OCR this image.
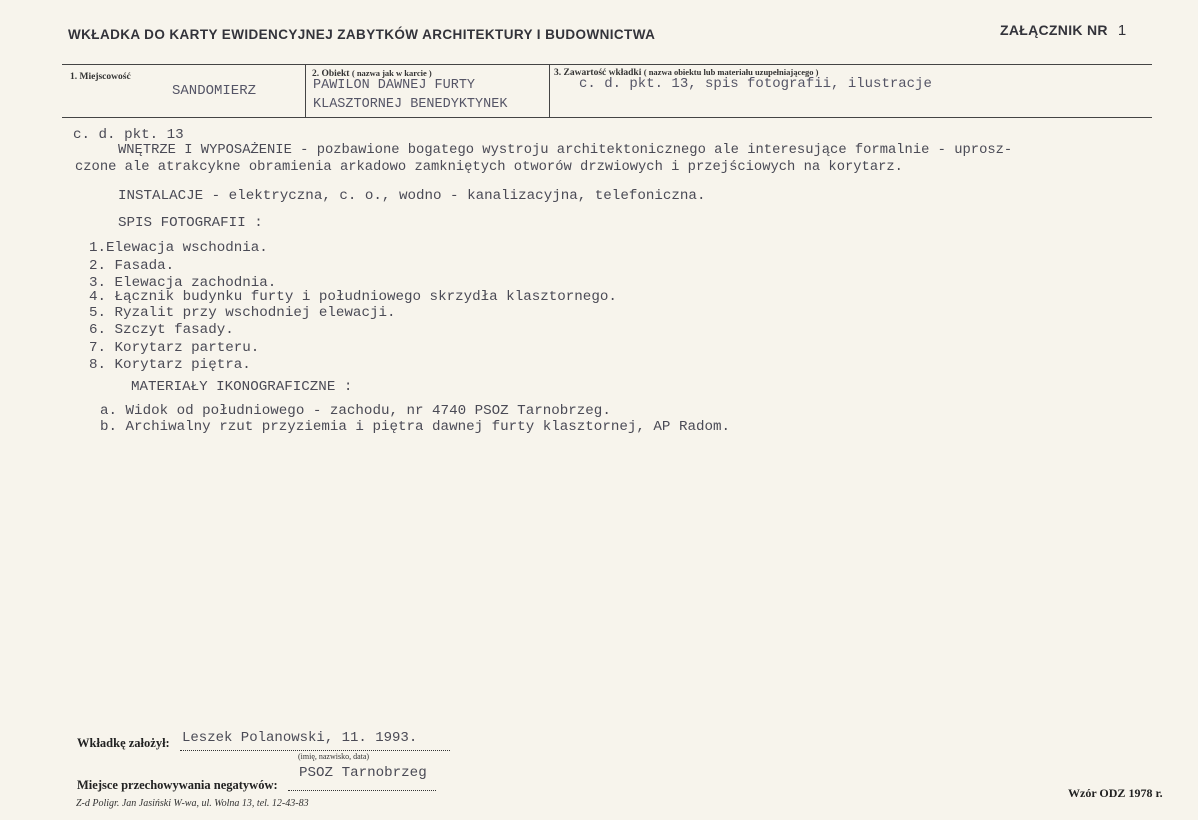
WKŁADKA DO KARTY EWIDENCYJNEJ ZABYTKÓW ARCHITEKTURY I BUDOWNICTWA	ZAŁĄCZNIK NR 1
1. Miejscowość
SANDOMIERZ
2. Obiekt ( nazwa jak w karcie )
PAWILON DAWNEJ FURTY
KLASZTORNEJ BENEDYKTYNEK
3. Zawartość wkładki ( nazwa obiektu lub materiału uzupełniającego )
c. d. pkt. 13, spis fotografii, ilustracje
c. d. pkt. 13
WNĘTRZE I WYPOSAŻENIE - pozbawione bogatego wystroju architektonicznego ale interesujące formalnie - uprosz-
czone ale atrakcykne obramienia arkadowo zamkniętych otworów drzwiowych i przejściowych na korytarz.
INSTALACJE - elektryczna, c. o., wodno - kanalizacyjna, telefoniczna.
SPIS FOTOGRAFII :
1.Elewacja wschodnia.
2. Fasada.
3. Elewacja zachodnia.
4. Łącznik budynku furty i południowego skrzydła klasztornego.
5. Ryzalit przy wschodniej elewacji.
6. Szczyt fasady.
7. Korytarz parteru.
8. Korytarz piętra.
MATERIAŁY IKONOGRAFICZNE :
a. Widok od południowego - zachodu, nr 4740 PSOZ Tarnobrzeg.
b. Archiwalny rzut przyziemia i piętra dawnej furty klasztornej, AP Radom.
Wkładkę założył: Leszek Polanowski, 11. 1993.
(imię, nazwisko, data)
Miejsce przechowywania negatywów:
PSOZ Tarnobrzeg
Z-d Poligr. Jan Jasiński W-wa, ul. Wolna 13, tel. 12-43-83
Wzór ODZ 1978 r.
